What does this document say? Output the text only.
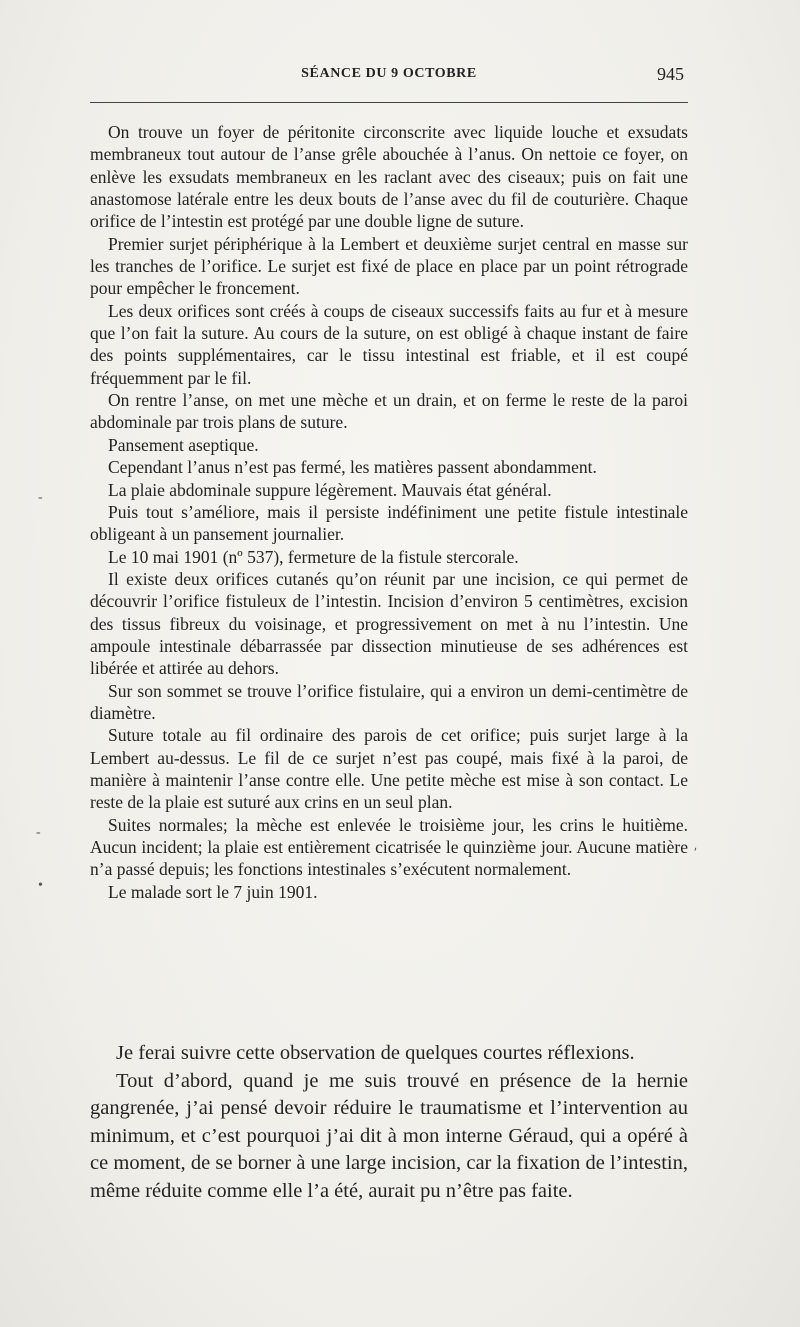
SÉANCE DU 9 OCTOBRE	945

On trouve un foyer de péritonite circonscrite avec liquide louche et exsudats membraneux tout autour de l’anse grêle abouchée à l’anus. On nettoie ce foyer, on enlève les exsudats membraneux en les raclant avec des ciseaux; puis on fait une anastomose latérale entre les deux bouts de l’anse avec du fil de couturière. Chaque orifice de l’intestin est protégé par une double ligne de suture.

Premier surjet périphérique à la Lembert et deuxième surjet central en masse sur les tranches de l’orifice. Le surjet est fixé de place en place par un point rétrograde pour empêcher le froncement.

Les deux orifices sont créés à coups de ciseaux successifs faits au fur et à mesure que l’on fait la suture. Au cours de la suture, on est obligé à chaque instant de faire des points supplémentaires, car le tissu intestinal est friable, et il est coupé fréquemment par le fil.

On rentre l’anse, on met une mèche et un drain, et on ferme le reste de la paroi abdominale par trois plans de suture.

Pansement aseptique.

Cependant l’anus n’est pas fermé, les matières passent abondamment.

La plaie abdominale suppure légèrement. Mauvais état général.

Puis tout s’améliore, mais il persiste indéfiniment une petite fistule intestinale obligeant à un pansement journalier.

Le 10 mai 1901 (nº 537), fermeture de la fistule stercorale.

Il existe deux orifices cutanés qu’on réunit par une incision, ce qui permet de découvrir l’orifice fistuleux de l’intestin. Incision d’environ 5 centimètres, excision des tissus fibreux du voisinage, et progressivement on met à nu l’intestin. Une ampoule intestinale débarrassée par dissection minutieuse de ses adhérences est libérée et attirée au dehors.

Sur son sommet se trouve l’orifice fistulaire, qui a environ un demi-centimètre de diamètre.

Suture totale au fil ordinaire des parois de cet orifice; puis surjet large à la Lembert au-dessus. Le fil de ce surjet n’est pas coupé, mais fixé à la paroi, de manière à maintenir l’anse contre elle. Une petite mèche est mise à son contact. Le reste de la plaie est suturé aux crins en un seul plan.

Suites normales; la mèche est enlevée le troisième jour, les crins le huitième. Aucun incident; la plaie est entièrement cicatrisée le quinzième jour. Aucune matière n’a passé depuis; les fonctions intestinales s’exécutent normalement.

Le malade sort le 7 juin 1901.

Je ferai suivre cette observation de quelques courtes réflexions.

Tout d’abord, quand je me suis trouvé en présence de la hernie gangrenée, j’ai pensé devoir réduire le traumatisme et l’intervention au minimum, et c’est pourquoi j’ai dit à mon interne Géraud, qui a opéré à ce moment, de se borner à une large incision, car la fixation de l’intestin, même réduite comme elle l’a été, aurait pu n’être pas faite.

-
-
•
ʹ
